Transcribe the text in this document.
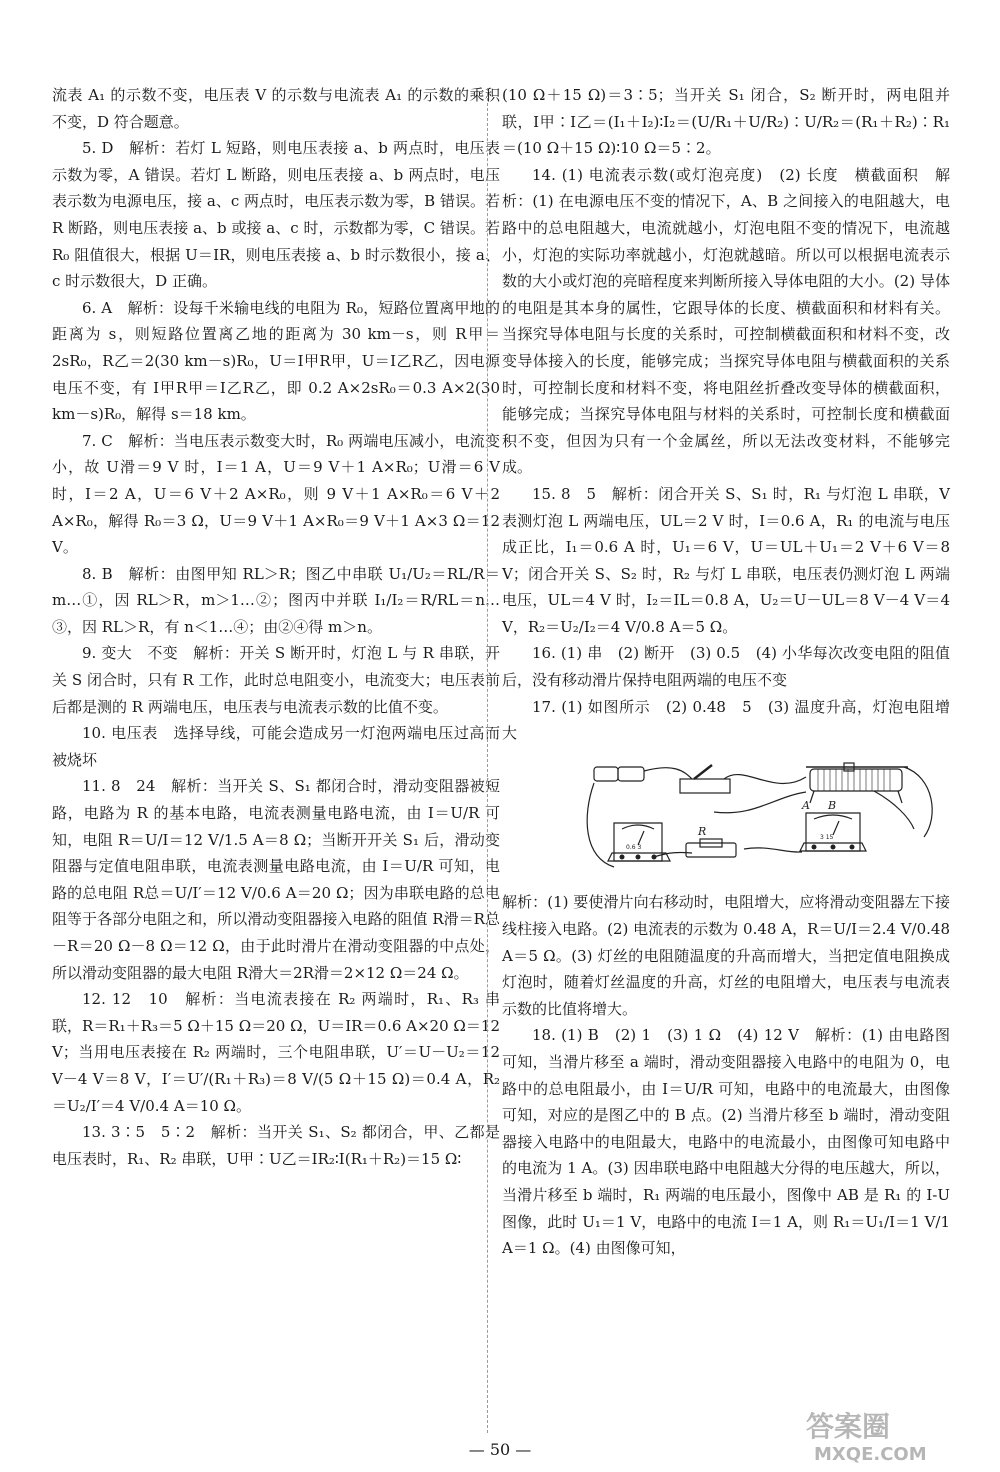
流表 A₁ 的示数不变，电压表 V 的示数与电流表 A₁ 的示数的乘积不变，D 符合题意。

5. D　解析：若灯 L 短路，则电压表接 a、b 两点时，电压表示数为零，A 错误。若灯 L 断路，则电压表接 a、b 两点时，电压表示数为电源电压，接 a、c 两点时，电压表示数为零，B 错误。若 R 断路，则电压表接 a、b 或接 a、c 时，示数都为零，C 错误。若 R₀ 阻值很大，根据 U＝IR，则电压表接 a、b 时示数很小，接 a、c 时示数很大，D 正确。

6. A　解析：设每千米输电线的电阻为 R₀，短路位置离甲地的距离为 s，则短路位置离乙地的距离为 30 km－s，则 R甲＝2sR₀，R乙＝2(30 km－s)R₀，U＝I甲R甲，U＝I乙R乙，因电源电压不变，有 I甲R甲＝I乙R乙，即 0.2 A×2sR₀＝0.3 A×2(30 km－s)R₀，解得 s＝18 km。

7. C　解析：当电压表示数变大时，R₀ 两端电压减小，电流变小，故 U滑＝9 V 时，I＝1 A，U＝9 V＋1 A×R₀；U滑＝6 V 时，I＝2 A，U＝6 V＋2 A×R₀，则 9 V＋1 A×R₀＝6 V＋2 A×R₀，解得 R₀＝3 Ω，U＝9 V＋1 A×R₀＝9 V＋1 A×3 Ω＝12 V。

8. B　解析：由图甲知 RL＞R；图乙中串联 U₁/U₂＝RL/R＝m…①，因 RL＞R，m＞1…②；图丙中并联 I₁/I₂＝R/RL＝n…③，因 RL＞R，有 n＜1…④；由②④得 m＞n。

9. 变大　不变　解析：开关 S 断开时，灯泡 L 与 R 串联，开关 S 闭合时，只有 R 工作，此时总电阻变小，电流变大；电压表前后都是测的 R 两端电压，电压表与电流表示数的比值不变。

10. 电压表　选择导线，可能会造成另一灯泡两端电压过高而被烧坏

11. 8　24　解析：当开关 S、S₁ 都闭合时，滑动变阻器被短路，电路为 R 的基本电路，电流表测量电路电流，由 I＝U/R 可知，电阻 R＝U/I＝12 V/1.5 A＝8 Ω；当断开开关 S₁ 后，滑动变阻器与定值电阻串联，电流表测量电路电流，由 I＝U/R 可知，电路的总电阻 R总＝U/I′＝12 V/0.6 A＝20 Ω；因为串联电路的总电阻等于各部分电阻之和，所以滑动变阻器接入电路的阻值 R滑＝R总－R＝20 Ω－8 Ω＝12 Ω，由于此时滑片在滑动变阻器的中点处，所以滑动变阻器的最大电阻 R滑大＝2R滑＝2×12 Ω＝24 Ω。

12. 12　10　解析：当电流表接在 R₂ 两端时，R₁、R₃ 串联，R＝R₁＋R₃＝5 Ω＋15 Ω＝20 Ω，U＝IR＝0.6 A×20 Ω＝12 V；当用电压表接在 R₂ 两端时，三个电阻串联，U′＝U－U₂＝12 V－4 V＝8 V，I′＝U′/(R₁＋R₃)＝8 V/(5 Ω＋15 Ω)＝0.4 A，R₂＝U₂/I′＝4 V/0.4 A＝10 Ω。

13. 3∶5　5∶2　解析：当开关 S₁、S₂ 都闭合，甲、乙都是电压表时，R₁、R₂ 串联，U甲∶U乙＝IR₂∶I(R₁＋R₂)＝15 Ω∶

(10 Ω＋15 Ω)＝3∶5；当开关 S₁ 闭合，S₂ 断开时，两电阻并联，I甲∶I乙＝(I₁＋I₂)∶I₂＝(U/R₁＋U/R₂)∶U/R₂＝(R₁＋R₂)∶R₁＝(10 Ω＋15 Ω)∶10 Ω＝5∶2。

14. (1) 电流表示数(或灯泡亮度)　(2) 长度　横截面积　解析：(1) 在电源电压不变的情况下，A、B 之间接入的电阻越大，电路中的总电阻越大，电流就越小，灯泡电阻不变的情况下，电流越小，灯泡的实际功率就越小，灯泡就越暗。所以可以根据电流表示数的大小或灯泡的亮暗程度来判断所接入导体电阻的大小。(2) 导体的电阻是其本身的属性，它跟导体的长度、横截面积和材料有关。当探究导体电阻与长度的关系时，可控制横截面积和材料不变，改变导体接入的长度，能够完成；当探究导体电阻与横截面积的关系时，可控制长度和材料不变，将电阻丝折叠改变导体的横截面积，能够完成；当探究导体电阻与材料的关系时，可控制长度和横截面积不变，但因为只有一个金属丝，所以无法改变材料，不能够完成。

15. 8　5　解析：闭合开关 S、S₁ 时，R₁ 与灯泡 L 串联，V 表测灯泡 L 两端电压，UL＝2 V 时，I＝0.6 A，R₁ 的电流与电压成正比，I₁＝0.6 A 时，U₁＝6 V，U＝UL＋U₁＝2 V＋6 V＝8 V；闭合开关 S、S₂ 时，R₂ 与灯 L 串联，电压表仍测灯泡 L 两端电压，UL＝4 V 时，I₂＝IL＝0.8 A，U₂＝U－UL＝8 V－4 V＝4 V，R₂＝U₂/I₂＝4 V/0.8 A＝5 Ω。

16. (1) 串　(2) 断开　(3) 0.5　(4) 小华每次改变电阻的阻值后，没有移动滑片保持电阻两端的电压不变

17. (1) 如图所示　(2) 0.48　5　(3) 温度升高，灯泡电阻增大

A B
R
0.6 3
3 15

解析：(1) 要使滑片向右移动时，电阻增大，应将滑动变阻器左下接线柱接入电路。(2) 电流表的示数为 0.48 A，R＝U/I＝2.4 V/0.48 A＝5 Ω。(3) 灯丝的电阻随温度的升高而增大，当把定值电阻换成灯泡时，随着灯丝温度的升高，灯丝的电阻增大，电压表与电流表示数的比值将增大。

18. (1) B　(2) 1　(3) 1 Ω　(4) 12 V　解析：(1) 由电路图可知，当滑片移至 a 端时，滑动变阻器接入电路中的电阻为 0，电路中的总电阻最小，由 I＝U/R 可知，电路中的电流最大，由图像可知，对应的是图乙中的 B 点。(2) 当滑片移至 b 端时，滑动变阻器接入电路中的电阻最大，电路中的电流最小，由图像可知电路中的电流为 1 A。(3) 因串联电路中电阻越大分得的电压越大，所以，当滑片移至 b 端时，R₁ 两端的电压最小，图像中 AB 是 R₁ 的 I-U 图像，此时 U₁＝1 V，电路中的电流 I＝1 A，则 R₁＝U₁/I＝1 V/1 A＝1 Ω。(4) 由图像可知，

— 50 —
答案圈
MXQE.COM
